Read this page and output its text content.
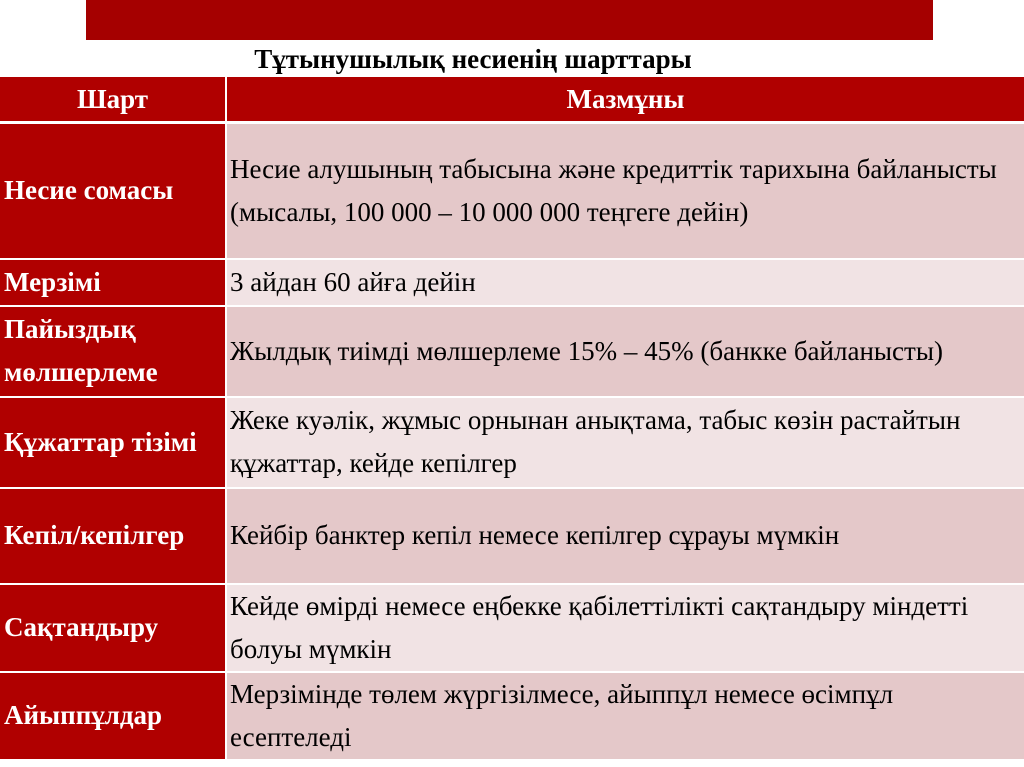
Тұтынушылық несиенің шарттары
Шарт	Мазмұны
Несие сомасы	Несие алушының табысына және кредиттік тарихына байланысты (мысалы, 100 000 – 10 000 000 теңгеге дейін)
Мерзімі	3 айдан 60 айға дейін
Пайыздық мөлшерлеме	Жылдық тиімді мөлшерлеме 15% – 45% (банкке байланысты)
Құжаттар тізімі	Жеке куәлік, жұмыс орнынан анықтама, табыс көзін растайтын құжаттар, кейде кепілгер
Кепіл/кепілгер	Кейбір банктер кепіл немесе кепілгер сұрауы мүмкін
Сақтандыру	Кейде өмірді немесе еңбекке қабілеттілікті сақтандыру міндетті болуы мүмкін
Айыппұлдар	Мерзімінде төлем жүргізілмесе, айыппұл немесе өсімпұл есептеледі
